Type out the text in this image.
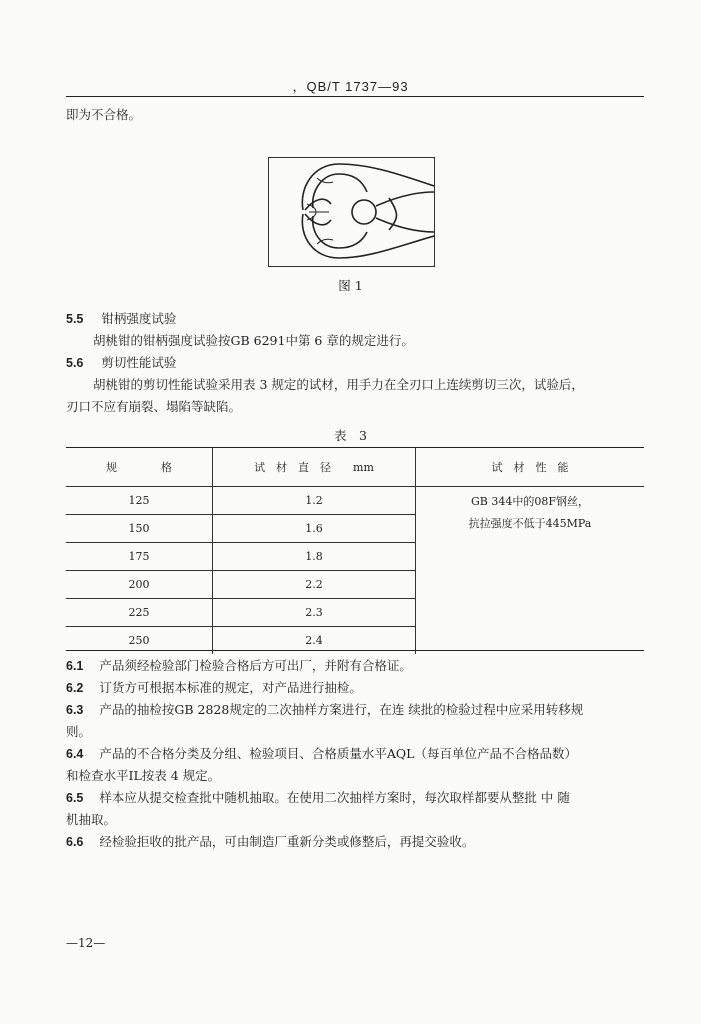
，QB/T 1737—93
即为不合格。
图 1
5.5 钳柄强度试验
胡桃钳的钳柄强度试验按GB 6291中第 6 章的规定进行。
5.6 剪切性能试验
胡桃钳的剪切性能试验采用表 3 规定的试材，用手力在全刃口上连续剪切三次，试验后，
刃口不应有崩裂、塌陷等缺陷。
表　3
规　　　　格	试　材　直　径　　mm	试　材　性　能
125	1.2	GB 344中的08F钢丝，
抗拉强度不低于445MPa

150	1.6	
175	1.8	
200	2.2	
225	2.3	
250	2.4	
6.1 产品须经检验部门检验合格后方可出厂，并附有合格证。
6.2 订货方可根据本标准的规定，对产品进行抽检。
6.3 产品的抽检按GB 2828规定的二次抽样方案进行，在连 续批的检验过程中应采用转移规
则。
6.4 产品的不合格分类及分组、检验项目、合格质量水平AQL（每百单位产品不合格品数）
和检查水平IL按表 4 规定。
6.5 样本应从提交检查批中随机抽取。在使用二次抽样方案时，每次取样都要从整批 中 随
机抽取。
6.6 经检验拒收的批产品，可由制造厂重新分类或修整后，再提交验收。
—12—
